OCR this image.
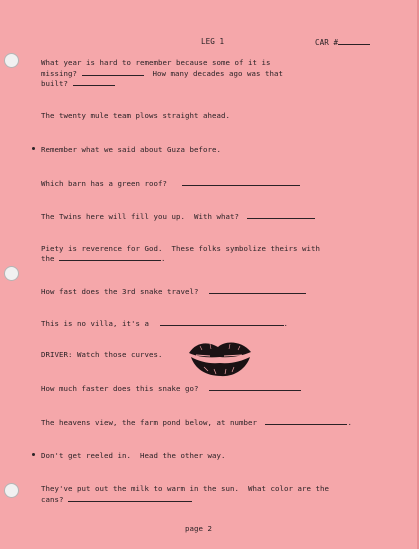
LEG 1	CAR #
What year is hard to remember because some of it is
missing?	How many decades ago was that
built?
The twenty mule team plows straight ahead.
Remember what we said about Guza before.
Which barn has a green roof?
The Twins here will fill you up.  With what?
Piety is reverence for God.  These folks symbolize theirs with
the	.
How fast does the 3rd snake travel?
This is no villa, it's a	.
DRIVER: Watch those curves.
How much faster does this snake go?
The heavens view, the farm pond below, at number	.
Don't get reeled in.  Head the other way.
They've put out the milk to warm in the sun.  What color are the
cans?
page 2
